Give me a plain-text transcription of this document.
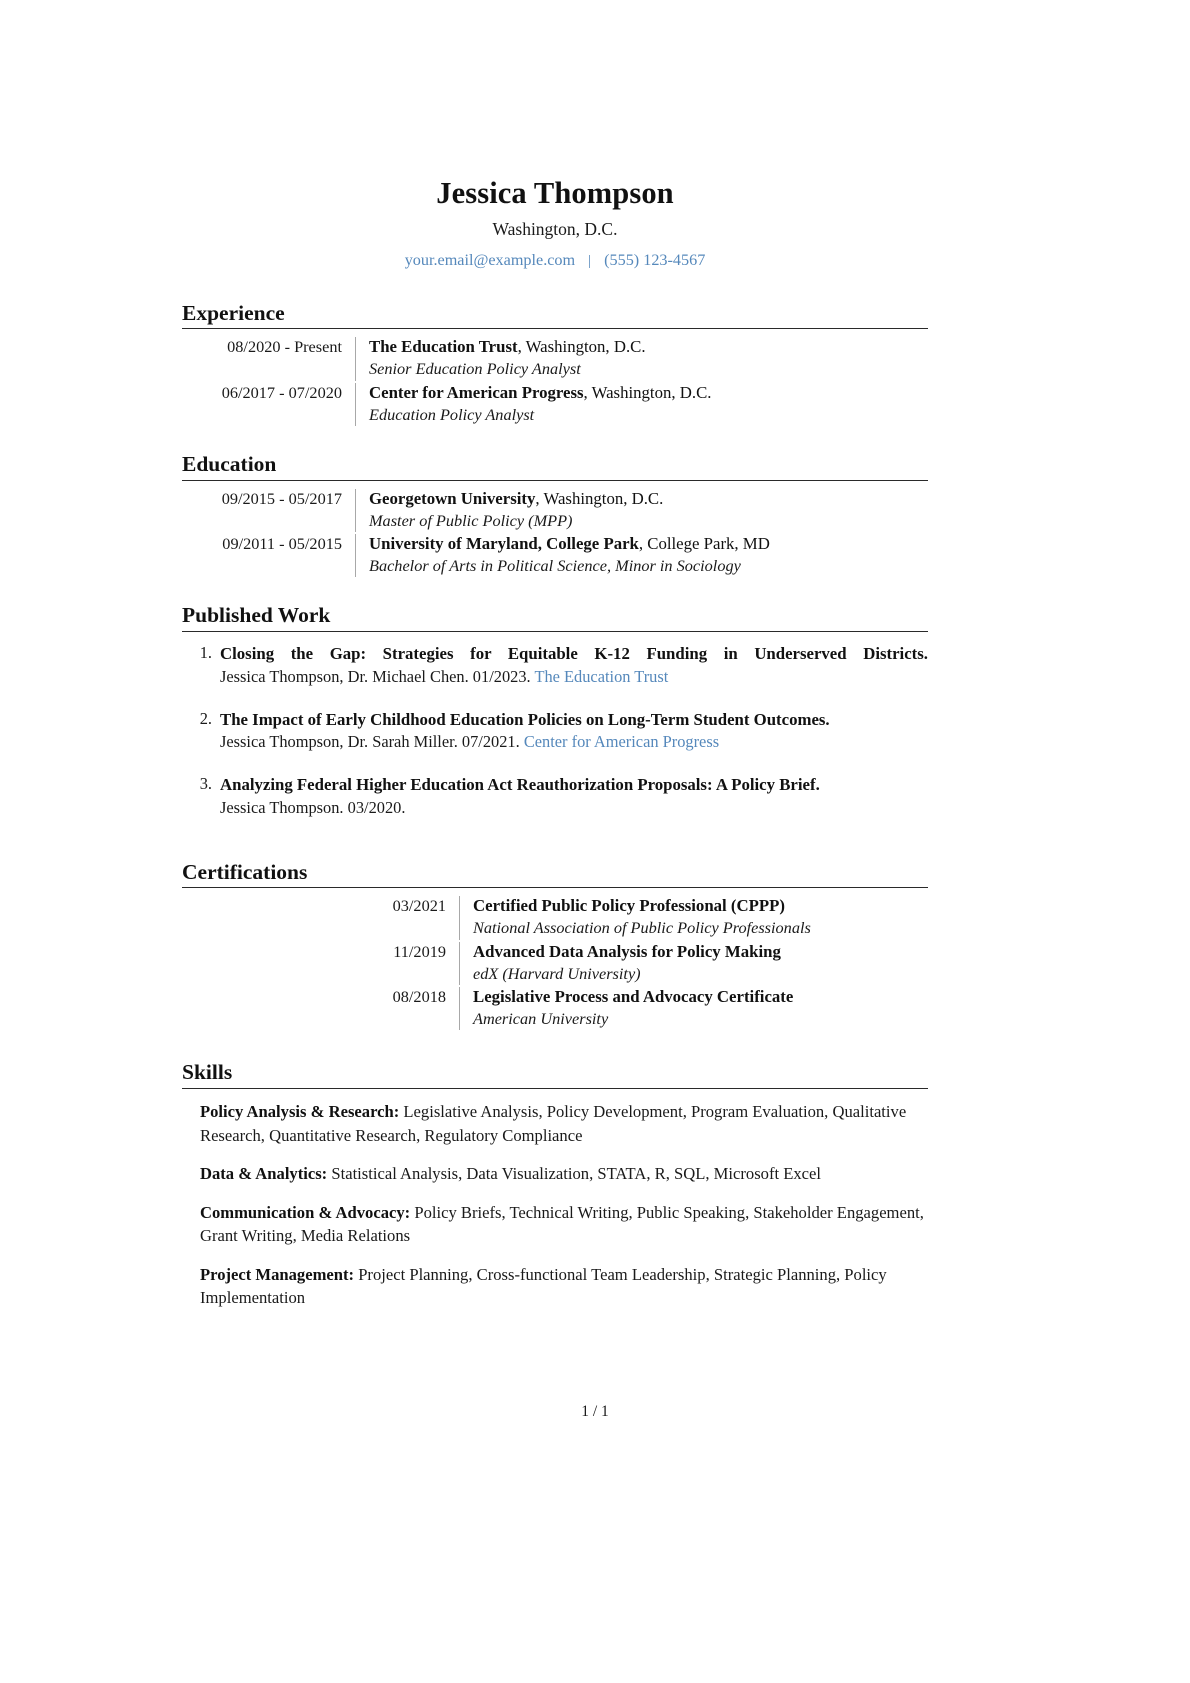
Jessica Thompson
Washington, D.C.
your.email@example.com | (555) 123-4567
Experience
08/2020 - Present The Education Trust, Washington, D.C.
Senior Education Policy Analyst
06/2017 - 07/2020 Center for American Progress, Washington, D.C.
Education Policy Analyst
Education
09/2015 - 05/2017 Georgetown University, Washington, D.C.
Master of Public Policy (MPP)
09/2011 - 05/2015 University of Maryland, College Park, College Park, MD
Bachelor of Arts in Political Science, Minor in Sociology
Published Work
1. Closing the Gap: Strategies for Equitable K-12 Funding in Underserved Districts.
Jessica Thompson, Dr. Michael Chen. 01/2023. The Education Trust
2. The Impact of Early Childhood Education Policies on Long-Term Student Outcomes.
Jessica Thompson, Dr. Sarah Miller. 07/2021. Center for American Progress
3. Analyzing Federal Higher Education Act Reauthorization Proposals: A Policy Brief.
Jessica Thompson. 03/2020.
Certifications
03/2021 Certified Public Policy Professional (CPPP)
National Association of Public Policy Professionals
11/2019 Advanced Data Analysis for Policy Making
edX (Harvard University)
08/2018 Legislative Process and Advocacy Certificate
American University
Skills
Policy Analysis & Research: Legislative Analysis, Policy Development, Program Evaluation, Qualitative Research, Quantitative Research, Regulatory Compliance
Data & Analytics: Statistical Analysis, Data Visualization, STATA, R, SQL, Microsoft Excel
Communication & Advocacy: Policy Briefs, Technical Writing, Public Speaking, Stakeholder Engagement, Grant Writing, Media Relations
Project Management: Project Planning, Cross-functional Team Leadership, Strategic Planning, Policy Implementation
1 / 1
